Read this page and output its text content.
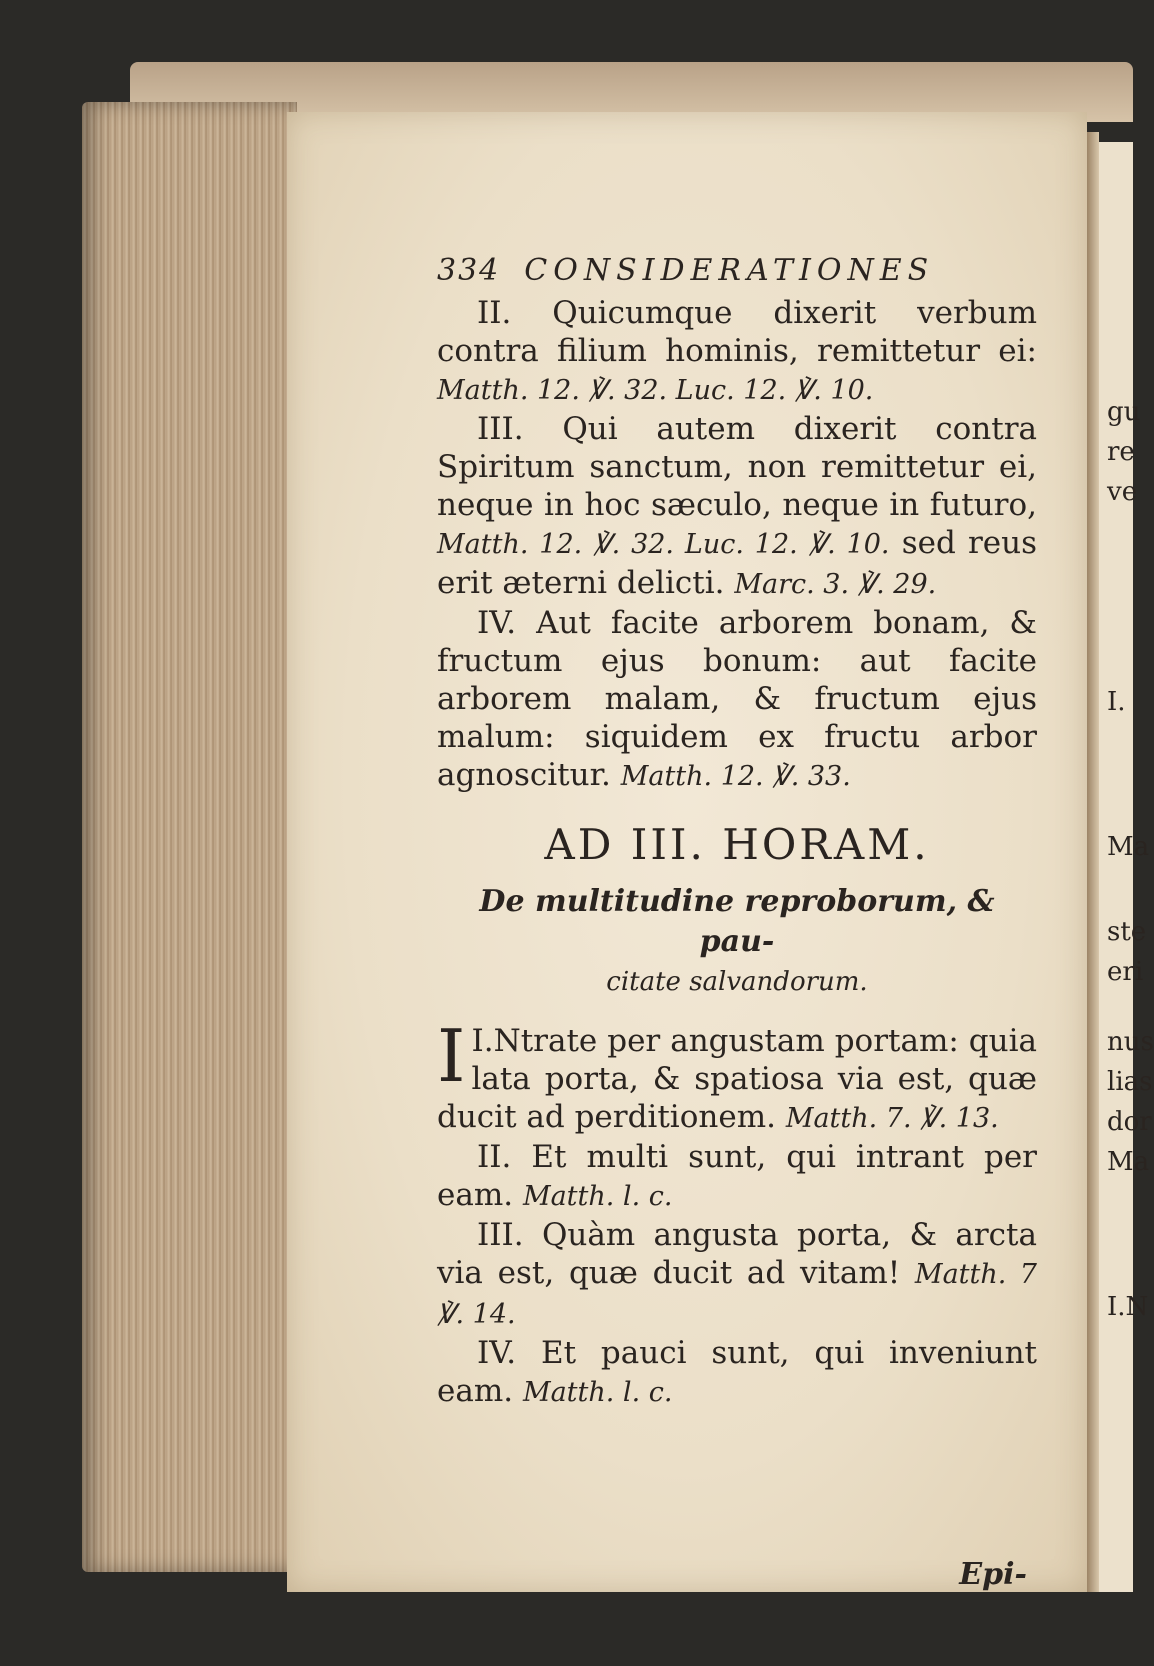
334 CONSIDERATIONES

II. Quicumque dixerit verbum contra filium hominis, remittetur ei: Matth. 12. ℣. 32. Luc. 12. ℣. 10.

III. Qui autem dixerit contra Spiritum sanctum, non remittetur ei, neque in hoc sæculo, neque in futuro, Matth. 12. ℣. 32. Luc. 12. ℣. 10. sed reus erit æterni delicti. Marc. 3. ℣. 29.

IV. Aut facite arborem bonam, & fructum ejus bonum: aut facite arborem malam, & fructum ejus malum: siquidem ex fructu arbor agnoscitur. Matth. 12. ℣. 33.

AD III. HORAM.
De multitudine reproborum, & pau-
citate salvandorum.

I.
I Ntrate per angustam portam: quia lata porta, & spatiosa via est, quæ ducit ad perditionem. Matth. 7. ℣. 13.

II. Et multi sunt, qui intrant per eam. Matth. l. c.

III. Quàm angusta porta, & arcta via est, quæ ducit ad vitam! Matth. 7 ℣. 14.

IV. Et pauci sunt, qui inveniunt eam. Matth. l. c.

Epi-
gu
re
ve
I.
Ma
ste
eri
nus
lias
dor
Ma
I.N
